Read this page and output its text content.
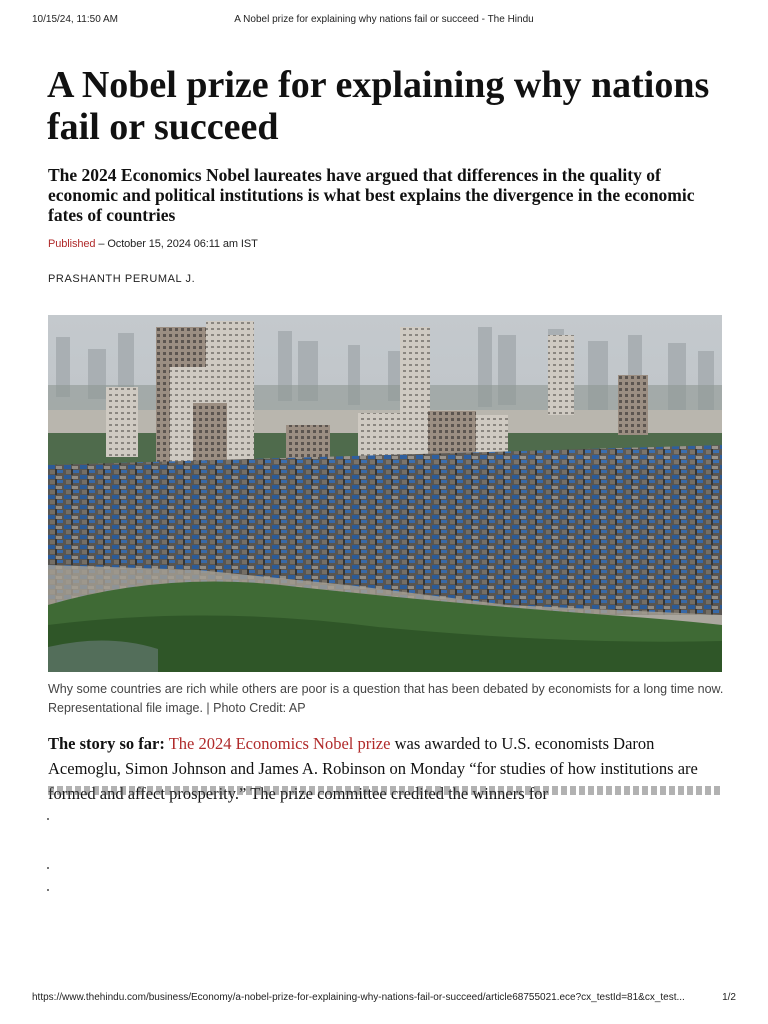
10/15/24, 11:50 AM	A Nobel prize for explaining why nations fail or succeed - The Hindu
A Nobel prize for explaining why nations fail or succeed
The 2024 Economics Nobel laureates have argued that differences in the quality of economic and political institutions is what best explains the divergence in the economic fates of countries
Published – October 15, 2024 06:11 am IST
PRASHANTH PERUMAL J.
Why some countries are rich while others are poor is a question that has been debated by economists for a long time now. Representational file image. | Photo Credit: AP
The story so far: The 2024 Economics Nobel prize was awarded to U.S. economists Daron Acemoglu, Simon Johnson and James A. Robinson on Monday “for studies of how institutions are formed and affect prosperity.” The prize committee credited the winners for
https://www.thehindu.com/business/Economy/a-nobel-prize-for-explaining-why-nations-fail-or-succeed/article68755021.ece?cx_testId=81&cx_test...	1/2
